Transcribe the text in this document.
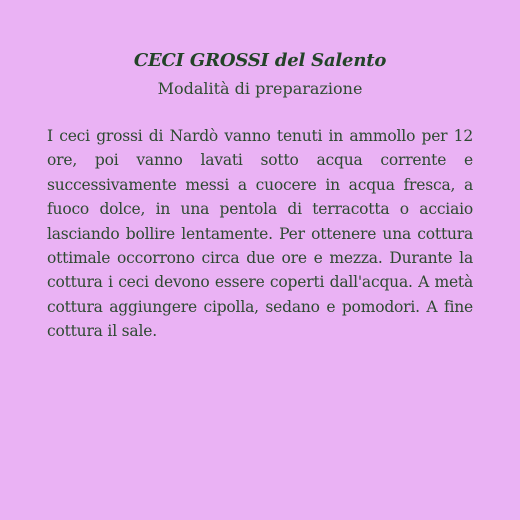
CECI GROSSI del Salento
Modalità di preparazione
I ceci grossi di Nardò vanno tenuti in ammollo per 12 ore, poi vanno lavati sotto acqua corrente e successivamente messi a cuocere in acqua fresca, a fuoco dolce, in una pentola di terracotta o acciaio lasciando bollire lentamente. Per ottenere una cottura ottimale occorrono circa due ore e mezza. Durante la cottura i ceci devono essere coperti dall'acqua. A metà cottura aggiungere cipolla, sedano e pomodori. A fine cottura il sale.
